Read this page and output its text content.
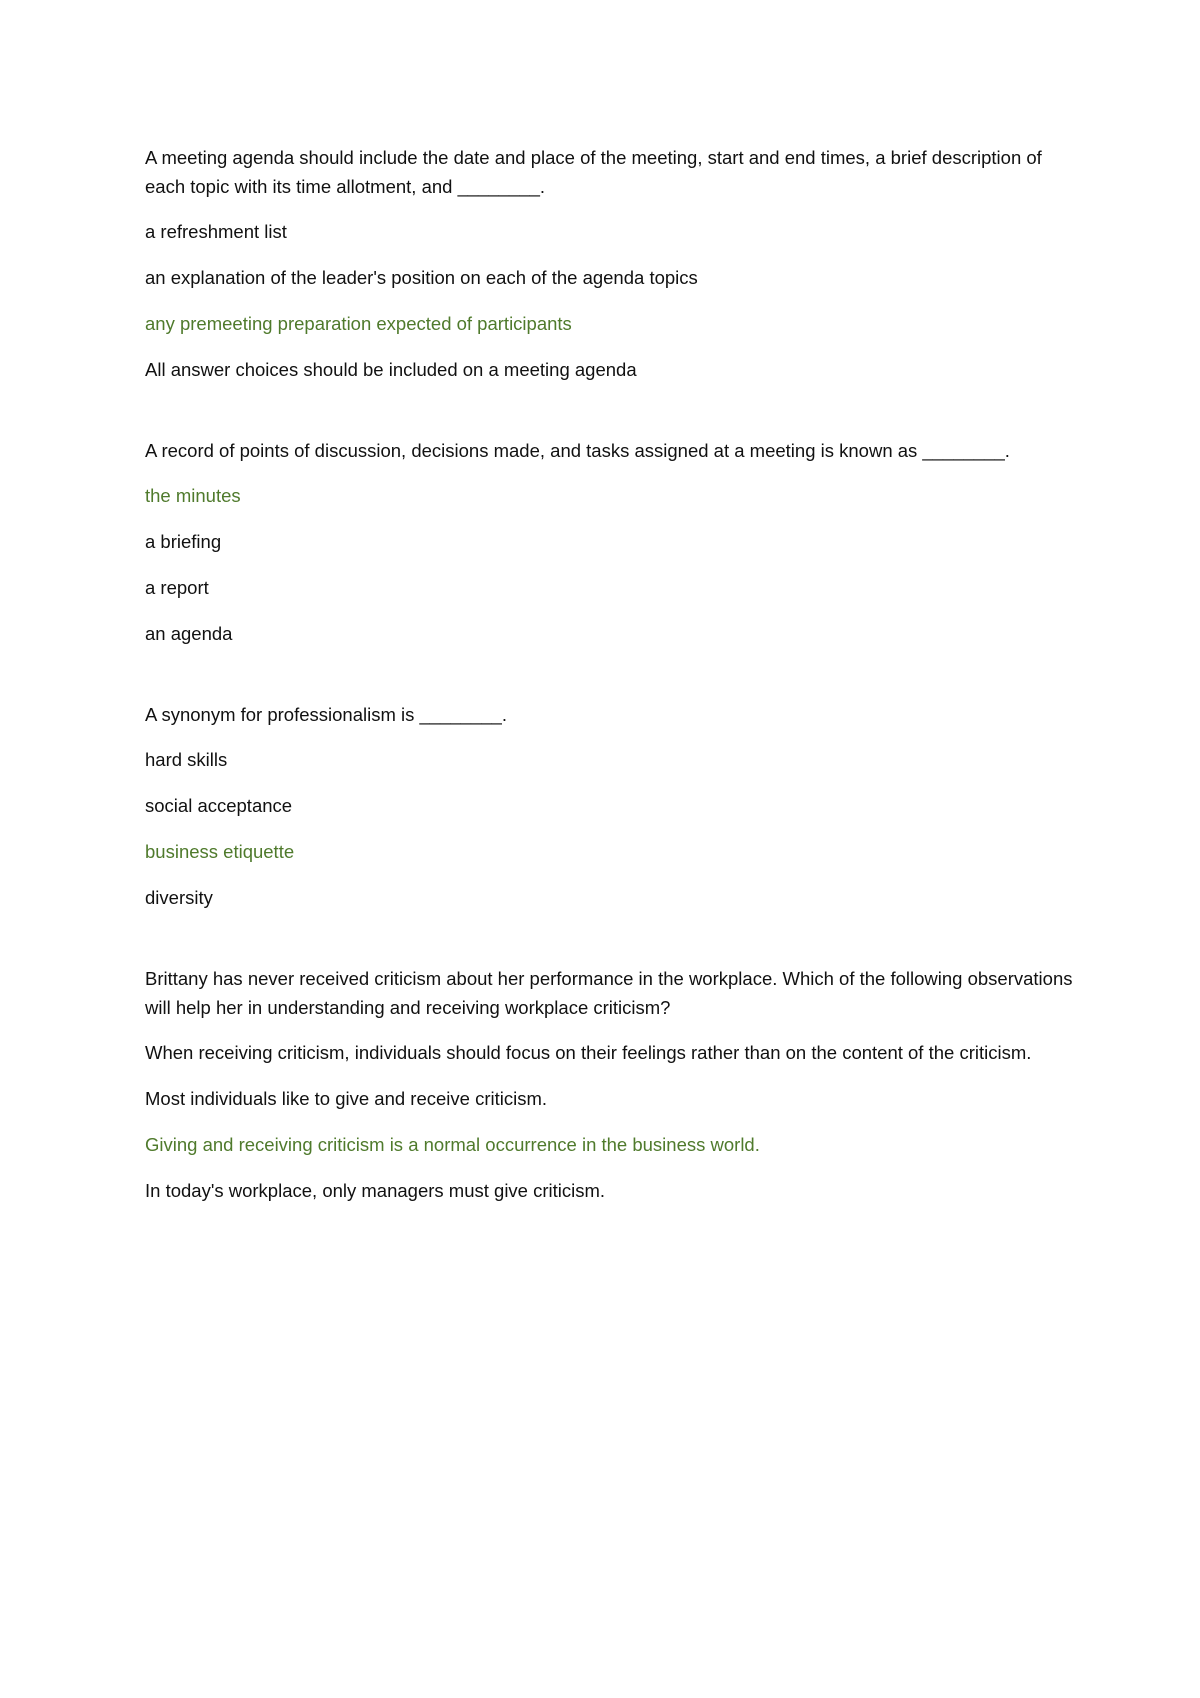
A meeting agenda should include the date and place of the meeting, start and end times, a brief description of each topic with its time allotment, and ________.

a refreshment list

an explanation of the leader's position on each of the agenda topics

any premeeting preparation expected of participants

All answer choices should be included on a meeting agenda

A record of points of discussion, decisions made, and tasks assigned at a meeting is known as ________.

the minutes

a briefing

a report

an agenda

A synonym for professionalism is ________.

hard skills

social acceptance

business etiquette

diversity

Brittany has never received criticism about her performance in the workplace. Which of the following observations will help her in understanding and receiving workplace criticism?

When receiving criticism, individuals should focus on their feelings rather than on the content of the criticism.

Most individuals like to give and receive criticism.

Giving and receiving criticism is a normal occurrence in the business world.

In today's workplace, only managers must give criticism.
